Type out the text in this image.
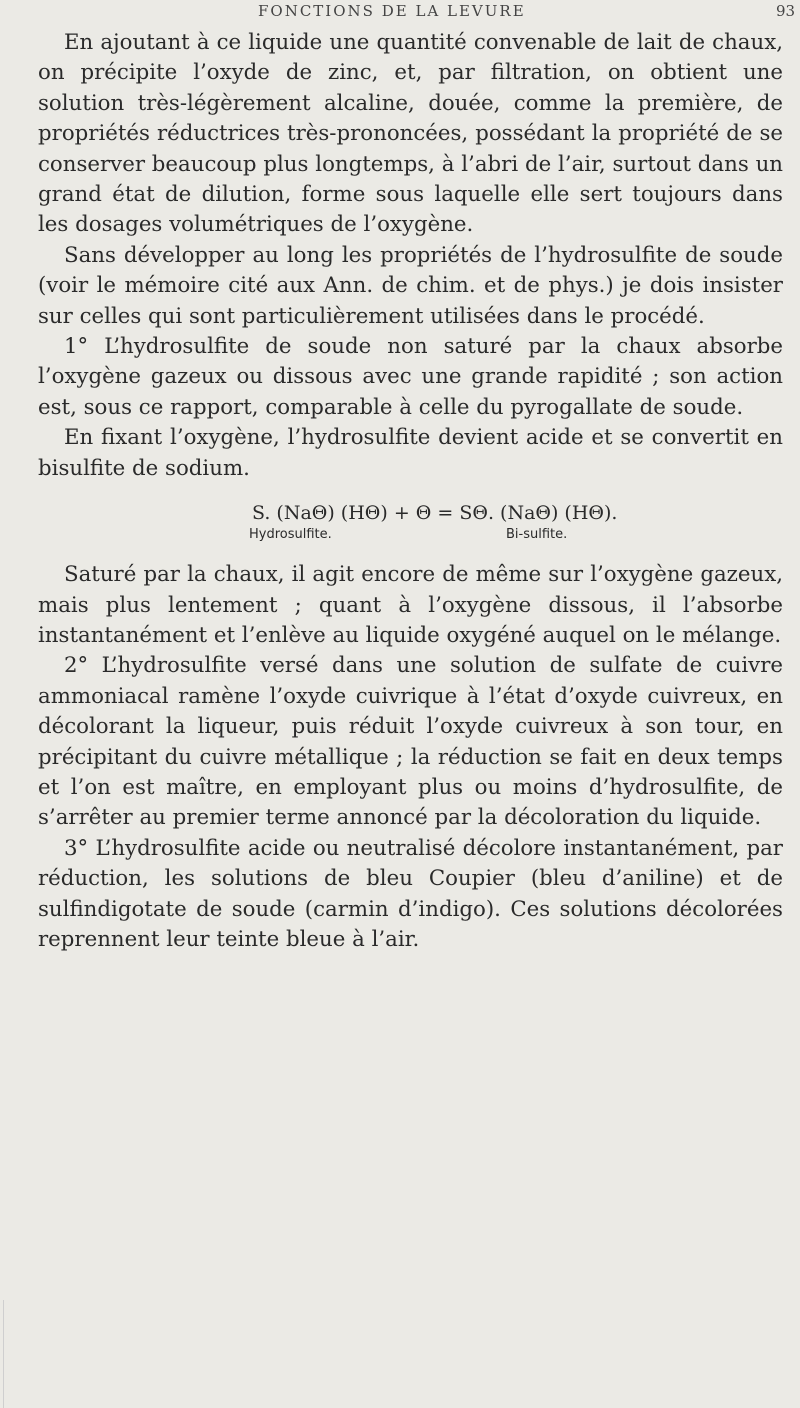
FONCTIONS DE LA LEVURE	93

En ajoutant à ce liquide une quantité convenable de lait de chaux, on précipite l’oxyde de zinc, et, par filtration, on obtient une solution très-légèrement alcaline, douée, comme la première, de propriétés réductrices très-prononcées, possédant la propriété de se conserver beaucoup plus longtemps, à l’abri de l’air, surtout dans un grand état de dilution, forme sous laquelle elle sert toujours dans les dosages volumétriques de l’oxygène.

Sans développer au long les propriétés de l’hydrosulfite de soude (voir le mémoire cité aux Ann. de chim. et de phys.) je dois insister sur celles qui sont particulièrement utilisées dans le procédé.

1° L’hydrosulfite de soude non saturé par la chaux absorbe l’oxygène gazeux ou dissous avec une grande rapidité ; son action est, sous ce rapport, comparable à celle du pyrogallate de soude.

En fixant l’oxygène, l’hydrosulfite devient acide et se convertit en bisulfite de sodium.

S. (NaΘ) (HΘ) + Θ = SΘ. (NaΘ) (HΘ).
Hydrosulfite.	Bi-sulfite.

Saturé par la chaux, il agit encore de même sur l’oxygène gazeux, mais plus lentement ; quant à l’oxygène dissous, il l’absorbe instantanément et l’enlève au liquide oxygéné auquel on le mélange.

2° L’hydrosulfite versé dans une solution de sulfate de cuivre ammoniacal ramène l’oxyde cuivrique à l’état d’oxyde cuivreux, en décolorant la liqueur, puis réduit l’oxyde cuivreux à son tour, en précipitant du cuivre métallique ; la réduction se fait en deux temps et l’on est maître, en employant plus ou moins d’hydrosulfite, de s’arrêter au premier terme annoncé par la décoloration du liquide.

3° L’hydrosulfite acide ou neutralisé décolore instantanément, par réduction, les solutions de bleu Coupier (bleu d’aniline) et de sulfindigotate de soude (carmin d’indigo). Ces solutions décolorées reprennent leur teinte bleue à l’air.
